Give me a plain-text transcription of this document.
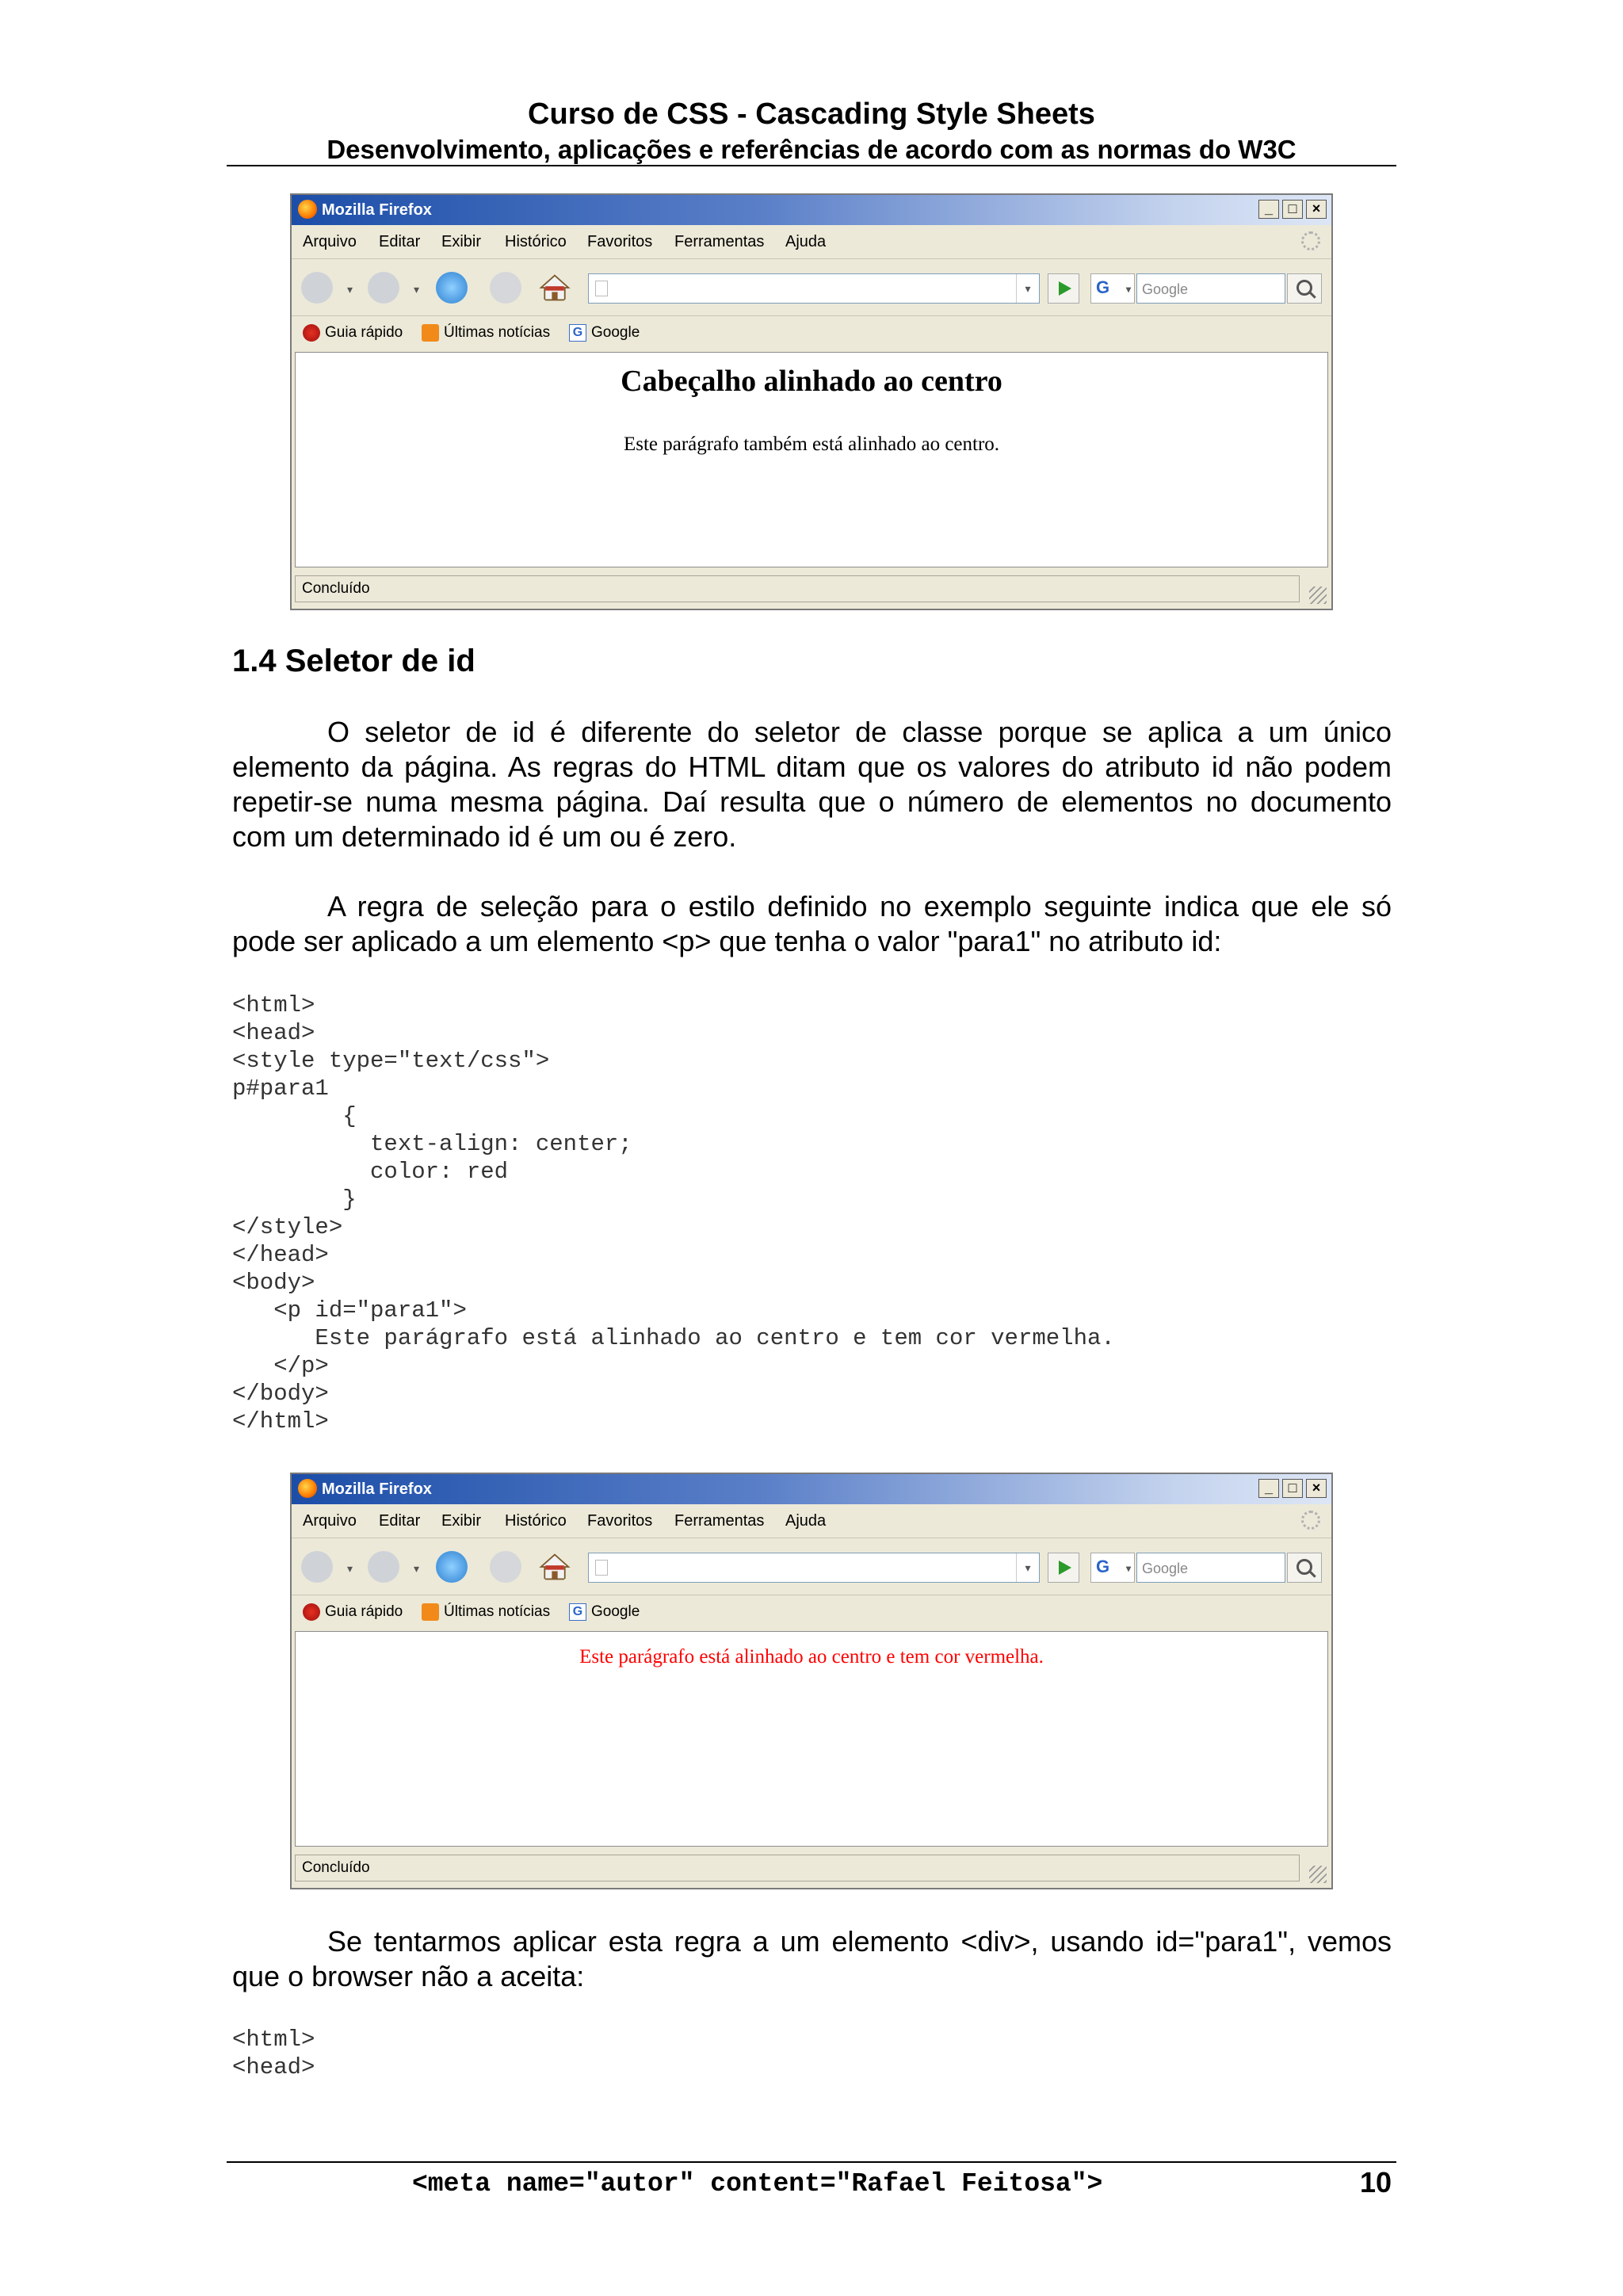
Curso de CSS - Cascading Style Sheets
Desenvolvimento, aplicações e referências de acordo com as normas do W3C
Mozilla Firefox	_	□	×
Arquivo Editar Exibir Histórico Favoritos Ferramentas Ajuda
▾	▾	▾	G ▾ Google
Guia rápido	Últimas notícias G Google
Cabeçalho alinhado ao centro
Este parágrafo também está alinhado ao centro.
Concluído
1.4 Seletor de id
O seletor de id é diferente do seletor de classe porque se aplica a um único elemento da página. As regras do HTML ditam que os valores do atributo id não podem repetir-se numa mesma página. Daí resulta que o número de elementos no documento com um determinado id é um ou é zero.
A regra de seleção para o estilo definido no exemplo seguinte indica que ele só pode ser aplicado a um elemento <p> que tenha o valor "para1" no atributo id:
<html>
<head>
<style type="text/css">
p#para1
{
text-align: center;
color: red
}
</style>
</head>
<body>
<p id="para1">
Este parágrafo está alinhado ao centro e tem cor vermelha.
</p>
</body>
</html>
Mozilla Firefox	_	□	×
Arquivo Editar Exibir Histórico Favoritos Ferramentas Ajuda
▾	▾	▾	G ▾ Google
Guia rápido	Últimas notícias G Google
Este parágrafo está alinhado ao centro e tem cor vermelha.
Concluído
Se tentarmos aplicar esta regra a um elemento <div>, usando id="para1", vemos que o browser não a aceita:
<html>
<head>
<meta name="autor" content="Rafael Feitosa">	10
